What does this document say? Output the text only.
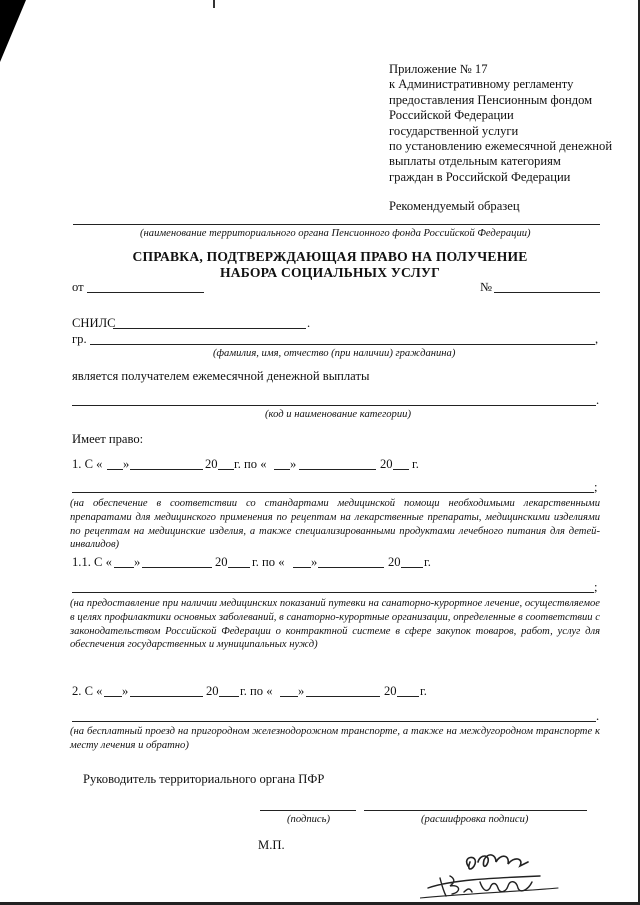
Приложение № 17
к Административному регламенту
предоставления Пенсионным фондом
Российской Федерации
государственной услуги
по установлению ежемесячной денежной
выплаты отдельным категориям
граждан в Российской Федерации
Рекомендуемый образец
(наименование территориального органа Пенсионного фонда Российской Федерации)
СПРАВКА, ПОДТВЕРЖДАЮЩАЯ ПРАВО НА ПОЛУЧЕНИЕ
НАБОРА СОЦИАЛЬНЫХ УСЛУГ
от	№
СНИЛС	.
гр.	,
(фамилия, имя, отчество (при наличии) гражданина)
является получателем ежемесячной денежной выплаты
.
(код и наименование категории)
Имеет право:
1. С « »	20 г. по « »	20 г.
;
(на обеспечение в соответствии со стандартами медицинской помощи необходимыми лекарственными препаратами для медицинского применения по рецептам на лекарственные препараты, медицинскими изделиями по рецептам на медицинские изделия, а также специализированными продуктами лечебного питания для детей-инвалидов)
1.1. С « »	20 г. по « »	20 г.
;
(на предоставление при наличии медицинских показаний путевки на санаторно-курортное лечение, осуществляемое в целях профилактики основных заболеваний, в санаторно-курортные организации, определенные в соответствии с законодательством Российской Федерации о контрактной системе в сфере закупок товаров, работ, услуг для обеспечения государственных и муниципальных нужд)
2. С « »	20 г. по « »	20 г.
.
(на бесплатный проезд на пригородном железнодорожном транспорте, а также на междугородном транспорте к месту лечения и обратно)
Руководитель территориального органа ПФР
(подпись)	(расшифровка подписи)
М.П.
